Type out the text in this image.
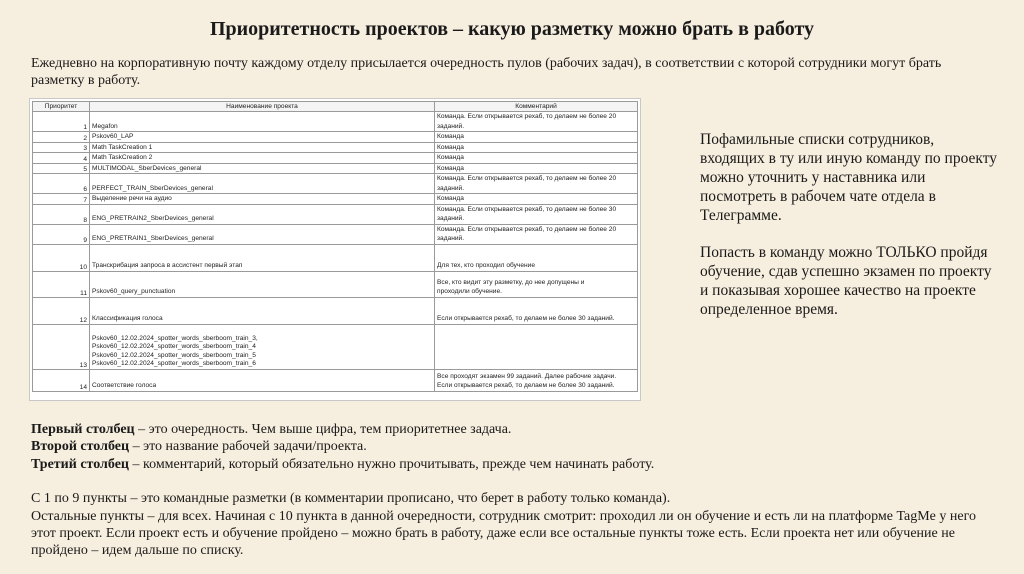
Приоритетность проектов – какую разметку можно брать в работу
Ежедневно на корпоративную почту каждому отделу присылается очередность пулов (рабочих задач), в соответствии с которой сотрудники могут брать разметку в работу.
Приоритет	Наименование проекта	Комментарий
1	Megafon	Команда. Если открывается рехаб, то делаем не более 20
заданий.

2	Pskov60_LAP	Команда

3	Math TaskCreation 1	Команда

4	Math TaskCreation 2	Команда

5	MULTIMODAL_SberDevices_general	Команда

6	PERFECT_TRAIN_SberDevices_general	Команда. Если открывается рехаб, то делаем не более 20
заданий.

7	Выделение речи на аудио	Команда

8	ENG_PRETRAIN2_SberDevices_general	Команда. Если открывается рехаб, то делаем не более 30
заданий.

9	ENG_PRETRAIN1_SberDevices_general	Команда. Если открывается рехаб, то делаем не более 20
заданий.

10	Транскрибация запроса в ассистент первый этап	Для тех, кто проходил обучение

11	Pskov60_query_punctuation	Все, кто видит эту разметку, до нее допущены и
проходили обучение.

12	Классификация голоса	Если открывается рехаб, то делаем не более 30 заданий.

13	Pskov60_12.02.2024_spotter_words_sberboom_train_3,
Pskov60_12.02.2024_spotter_words_sberboom_train_4
Pskov60_12.02.2024_spotter_words_sberboom_train_5
Pskov60_12.02.2024_spotter_words_sberboom_train_6	

14	Соответствие голоса	Все проходят экзамен 99 заданий. Далее рабочие задачи.
Если открывается рехаб, то делаем не более 30 заданий.

Пофамильные списки сотрудников, входящих в ту или иную команду по проекту можно уточнить у наставника или посмотреть в рабочем чате отдела в Телеграмме.

Попасть в команду можно ТОЛЬКО пройдя обучение, сдав успешно экзамен по проекту и показывая хорошее качество на проекте определенное время.

Первый столбец – это очередность. Чем выше цифра, тем приоритетнее задача.
Второй столбец – это название рабочей задачи/проекта.
Третий столбец – комментарий, который обязательно нужно прочитывать, прежде чем начинать работу.
С 1 по 9 пункты – это командные разметки (в комментарии прописано, что берет в работу только команда).
Остальные пункты – для всех. Начиная с 10 пункта в данной очередности, сотрудник смотрит: проходил ли он обучение и есть ли на платформе TagMe у него этот проект. Если проект есть и обучение пройдено – можно брать в работу, даже если все остальные пункты тоже есть. Если проекта нет или обучение не пройдено – идем дальше по списку.
